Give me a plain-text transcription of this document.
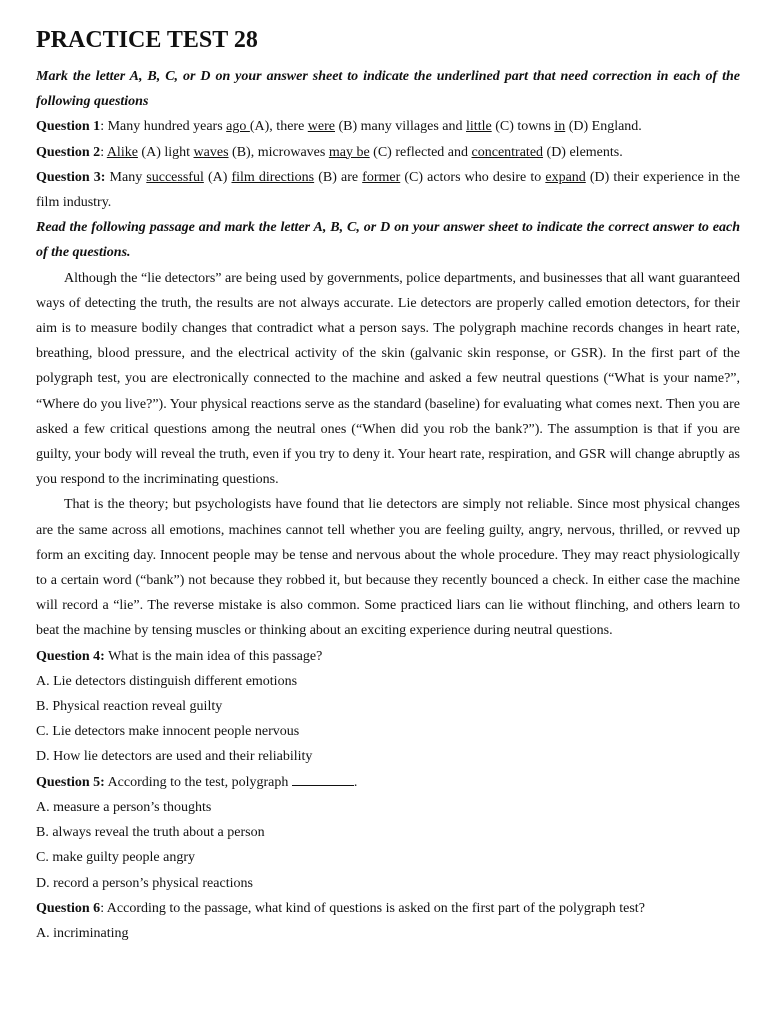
PRACTICE TEST 28

Mark the letter A, B, C, or D on your answer sheet to indicate the underlined part that need correction in each of the following questions

Question 1: Many hundred years ago (A), there were (B) many villages and little (C) towns in (D) England.

Question 2: Alike (A) light waves (B), microwaves may be (C) reflected and concentrated (D) elements.

Question 3: Many successful (A) film directions (B) are former (C) actors who desire to expand (D) their experience in the film industry.

Read the following passage and mark the letter A, B, C, or D on your answer sheet to indicate the correct answer to each of the questions.

Although the “lie detectors” are being used by governments, police departments, and businesses that all want guaranteed ways of detecting the truth, the results are not always accurate. Lie detectors are properly called emotion detectors, for their aim is to measure bodily changes that contradict what a person says. The polygraph machine records changes in heart rate, breathing, blood pressure, and the electrical activity of the skin (galvanic skin response, or GSR). In the first part of the polygraph test, you are electronically connected to the machine and asked a few neutral questions (“What is your name?”, “Where do you live?”). Your physical reactions serve as the standard (baseline) for evaluating what comes next. Then you are asked a few critical questions among the neutral ones (“When did you rob the bank?”). The assumption is that if you are guilty, your body will reveal the truth, even if you try to deny it. Your heart rate, respiration, and GSR will change abruptly as you respond to the incriminating questions.

That is the theory; but psychologists have found that lie detectors are simply not reliable. Since most physical changes are the same across all emotions, machines cannot tell whether you are feeling guilty, angry, nervous, thrilled, or revved up form an exciting day. Innocent people may be tense and nervous about the whole procedure. They may react physiologically to a certain word (“bank”) not because they robbed it, but because they recently bounced a check. In either case the machine will record a “lie”. The reverse mistake is also common. Some practiced liars can lie without flinching, and others learn to beat the machine by tensing muscles or thinking about an exciting experience during neutral questions.

Question 4: What is the main idea of this passage?

A. Lie detectors distinguish different emotions

B. Physical reaction reveal guilty

C. Lie detectors make innocent people nervous

D. How lie detectors are used and their reliability

Question 5: According to the test, polygraph	.

A. measure a person’s thoughts

B. always reveal the truth about a person

C. make guilty people angry

D. record a person’s physical reactions

Question 6: According to the passage, what kind of questions is asked on the first part of the polygraph test?

A. incriminating
